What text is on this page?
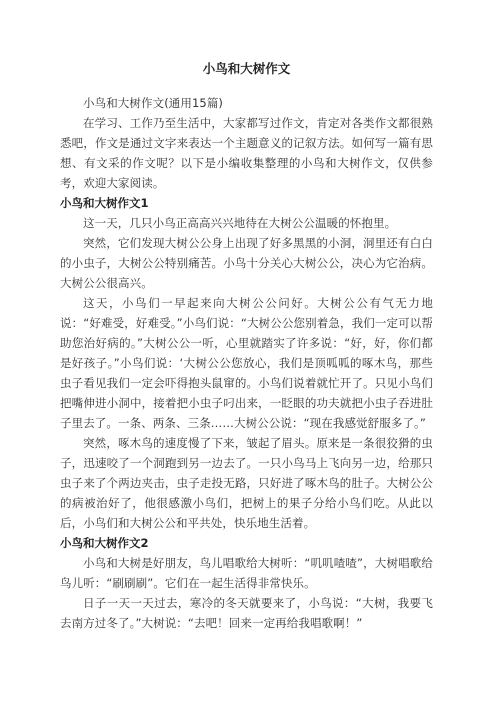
小鸟和大树作文

小鸟和大树作文(通用15篇)

在学习、工作乃至生活中，大家都写过作文，肯定对各类作文都很熟悉吧，作文是通过文字来表达一个主题意义的记叙方法。如何写一篇有思想、有文采的作文呢？以下是小编收集整理的小鸟和大树作文，仅供参考，欢迎大家阅读。

小鸟和大树作文1

这一天，几只小鸟正高高兴兴地待在大树公公温暖的怀抱里。

突然，它们发现大树公公身上出现了好多黑黑的小洞，洞里还有白白的小虫子，大树公公特别痛苦。小鸟十分关心大树公公，决心为它治病。大树公公很高兴。

这天，小鸟们一早起来向大树公公问好。大树公公有气无力地说：“好难受，好难受。”小鸟们说：“大树公公您别着急，我们一定可以帮助您治好病的。”大树公公一听，心里就踏实了许多说：“好，好，你们都是好孩子。”小鸟们说：‘大树公公您放心，我们是顶呱呱的啄木鸟，那些虫子看见我们一定会吓得抱头鼠窜的。小鸟们说着就忙开了。只见小鸟们把嘴伸进小洞中，接着把小虫子叼出来，一眨眼的功夫就把小虫子吞进肚子里去了。一条、两条、三条……大树公公说：“现在我感觉舒服多了。”

突然，啄木鸟的速度慢了下来，皱起了眉头。原来是一条很狡猾的虫子，迅速咬了一个洞跑到另一边去了。一只小鸟马上飞向另一边，给那只虫子来了个两边夹击，虫子走投无路，只好进了啄木鸟的肚子。大树公公的病被治好了，他很感激小鸟们，把树上的果子分给小鸟们吃。从此以后，小鸟们和大树公公和平共处，快乐地生活着。

小鸟和大树作文2

小鸟和大树是好朋友，鸟儿唱歌给大树听：“叽叽喳喳”，大树唱歌给鸟儿听：“刷刷刷”。它们在一起生活得非常快乐。

日子一天一天过去，寒冷的冬天就要来了，小鸟说：“大树，我要飞去南方过冬了。”大树说：“去吧！回来一定再给我唱歌啊！”
